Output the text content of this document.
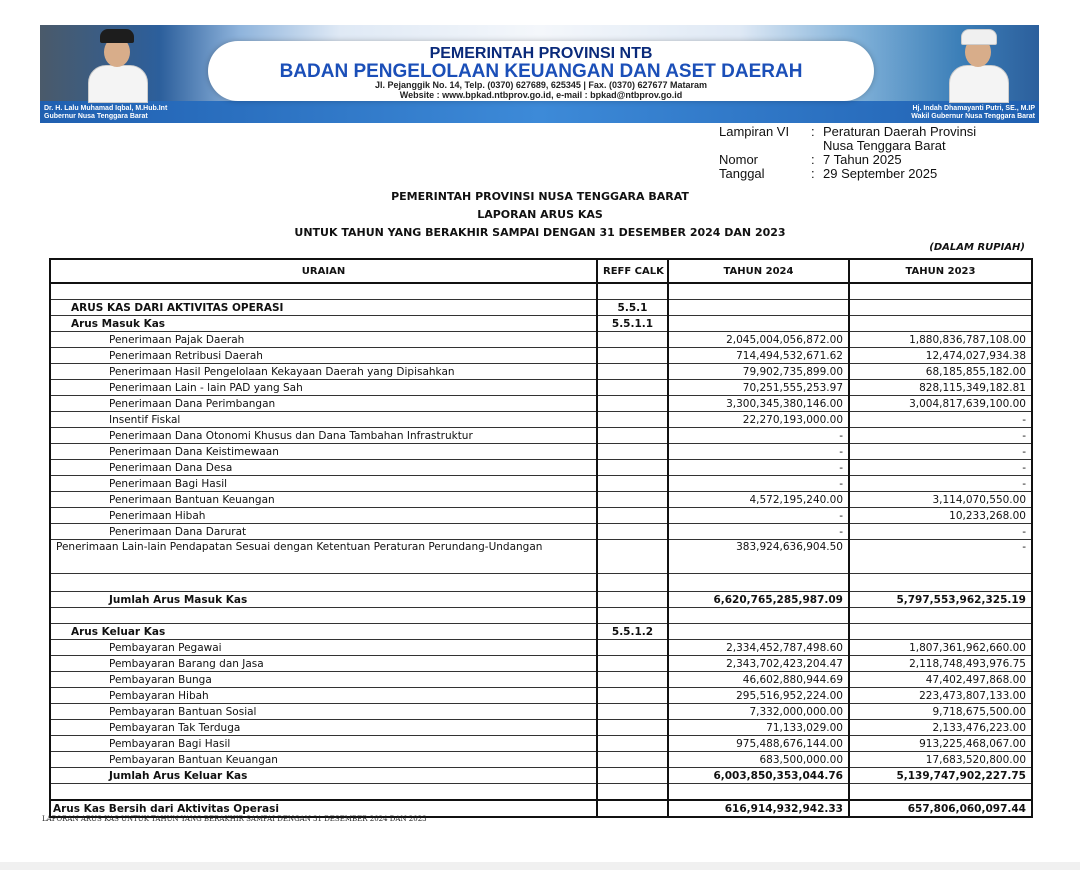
PEMERINTAH PROVINSI NTB
BADAN PENGELOLAAN KEUANGAN DAN ASET DAERAH
Jl. Pejanggik No. 14, Telp. (0370) 627689, 625345 | Fax. (0370) 627677 Mataram
Website : www.bpkad.ntbprov.go.id, e-mail : bpkad@ntbprov.go.id
Dr. H. Lalu Muhamad Iqbal, M.Hub.Int
Gubernur Nusa Tenggara Barat
Hj. Indah Dhamayanti Putri, SE., M.IP
Wakil Gubernur Nusa Tenggara Barat
Lampiran VI	: Peraturan Daerah Provinsi
Nusa Tenggara Barat
Nomor	: 7 Tahun 2025
Tanggal	: 29 September 2025
PEMERINTAH PROVINSI NUSA TENGGARA BARAT
LAPORAN ARUS KAS
UNTUK TAHUN YANG BERAKHIR SAMPAI DENGAN 31 DESEMBER 2024 DAN 2023
(DALAM RUPIAH)
URAIAN	REFF CALK	TAHUN 2024	TAHUN 2023

ARUS KAS DARI AKTIVITAS OPERASI	5.5.1		
Arus Masuk Kas	5.5.1.1		
Penerimaan Pajak Daerah		2,045,004,056,872.00	1,880,836,787,108.00
Penerimaan Retribusi Daerah		714,494,532,671.62	12,474,027,934.38
Penerimaan Hasil Pengelolaan Kekayaan Daerah yang Dipisahkan		79,902,735,899.00	68,185,855,182.00
Penerimaan Lain - lain PAD yang Sah		70,251,555,253.97	828,115,349,182.81
Penerimaan Dana Perimbangan		3,300,345,380,146.00	3,004,817,639,100.00
Insentif Fiskal		22,270,193,000.00	-
Penerimaan Dana Otonomi Khusus dan Dana Tambahan Infrastruktur		-	-
Penerimaan Dana Keistimewaan		-	-
Penerimaan Dana Desa		-	-
Penerimaan Bagi Hasil		-	-
Penerimaan Bantuan Keuangan		4,572,195,240.00	3,114,070,550.00
Penerimaan Hibah		-	10,233,268.00
Penerimaan Dana Darurat		-	-
Penerimaan Lain-lain Pendapatan Sesuai dengan Ketentuan Peraturan Perundang-Undangan		383,924,636,904.50	-

Jumlah Arus Masuk Kas		6,620,765,285,987.09	5,797,553,962,325.19

Arus Keluar Kas	5.5.1.2		
Pembayaran Pegawai		2,334,452,787,498.60	1,807,361,962,660.00
Pembayaran Barang dan Jasa		2,343,702,423,204.47	2,118,748,493,976.75
Pembayaran Bunga		46,602,880,944.69	47,402,497,868.00
Pembayaran Hibah		295,516,952,224.00	223,473,807,133.00
Pembayaran Bantuan Sosial		7,332,000,000.00	9,718,675,500.00
Pembayaran Tak Terduga		71,133,029.00	2,133,476,223.00
Pembayaran Bagi Hasil		975,488,676,144.00	913,225,468,067.00
Pembayaran Bantuan Keuangan		683,500,000.00	17,683,520,800.00
Jumlah Arus Keluar Kas		6,003,850,353,044.76	5,139,747,902,227.75

Arus Kas Bersih dari Aktivitas Operasi		616,914,932,942.33	657,806,060,097.44
LAPORAN ARUS KAS UNTUK TAHUN YANG BERAKHIR SAMPAI DENGAN 31 DESEMBER 2024 DAN 2023
